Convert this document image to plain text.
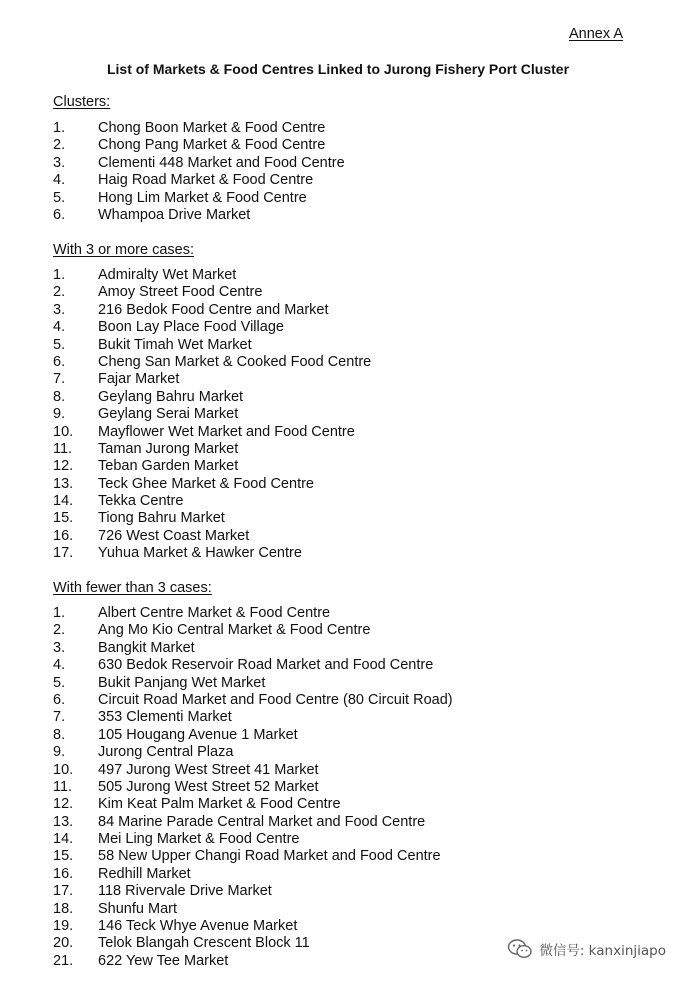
Annex A
List of Markets & Food Centres Linked to Jurong Fishery Port Cluster
Clusters:
1. Chong Boon Market & Food Centre
2. Chong Pang Market & Food Centre
3. Clementi 448 Market and Food Centre
4. Haig Road Market & Food Centre
5. Hong Lim Market & Food Centre
6. Whampoa Drive Market
With 3 or more cases:
1. Admiralty Wet Market
2. Amoy Street Food Centre
3. 216 Bedok Food Centre and Market
4. Boon Lay Place Food Village
5. Bukit Timah Wet Market
6. Cheng San Market & Cooked Food Centre
7. Fajar Market
8. Geylang Bahru Market
9. Geylang Serai Market
10. Mayflower Wet Market and Food Centre
11. Taman Jurong Market
12. Teban Garden Market
13. Teck Ghee Market & Food Centre
14. Tekka Centre
15. Tiong Bahru Market
16. 726 West Coast Market
17. Yuhua Market & Hawker Centre
With fewer than 3 cases:
1. Albert Centre Market & Food Centre
2. Ang Mo Kio Central Market & Food Centre
3. Bangkit Market
4. 630 Bedok Reservoir Road Market and Food Centre
5. Bukit Panjang Wet Market
6. Circuit Road Market and Food Centre (80 Circuit Road)
7. 353 Clementi Market
8. 105 Hougang Avenue 1 Market
9. Jurong Central Plaza
10. 497 Jurong West Street 41 Market
11. 505 Jurong West Street 52 Market
12. Kim Keat Palm Market & Food Centre
13. 84 Marine Parade Central Market and Food Centre
14. Mei Ling Market & Food Centre
15. 58 New Upper Changi Road Market and Food Centre
16. Redhill Market
17. 118 Rivervale Drive Market
18. Shunfu Mart
19. 146 Teck Whye Avenue Market
20. Telok Blangah Crescent Block 11
21. 622 Yew Tee Market
微信号: kanxinjiapo
